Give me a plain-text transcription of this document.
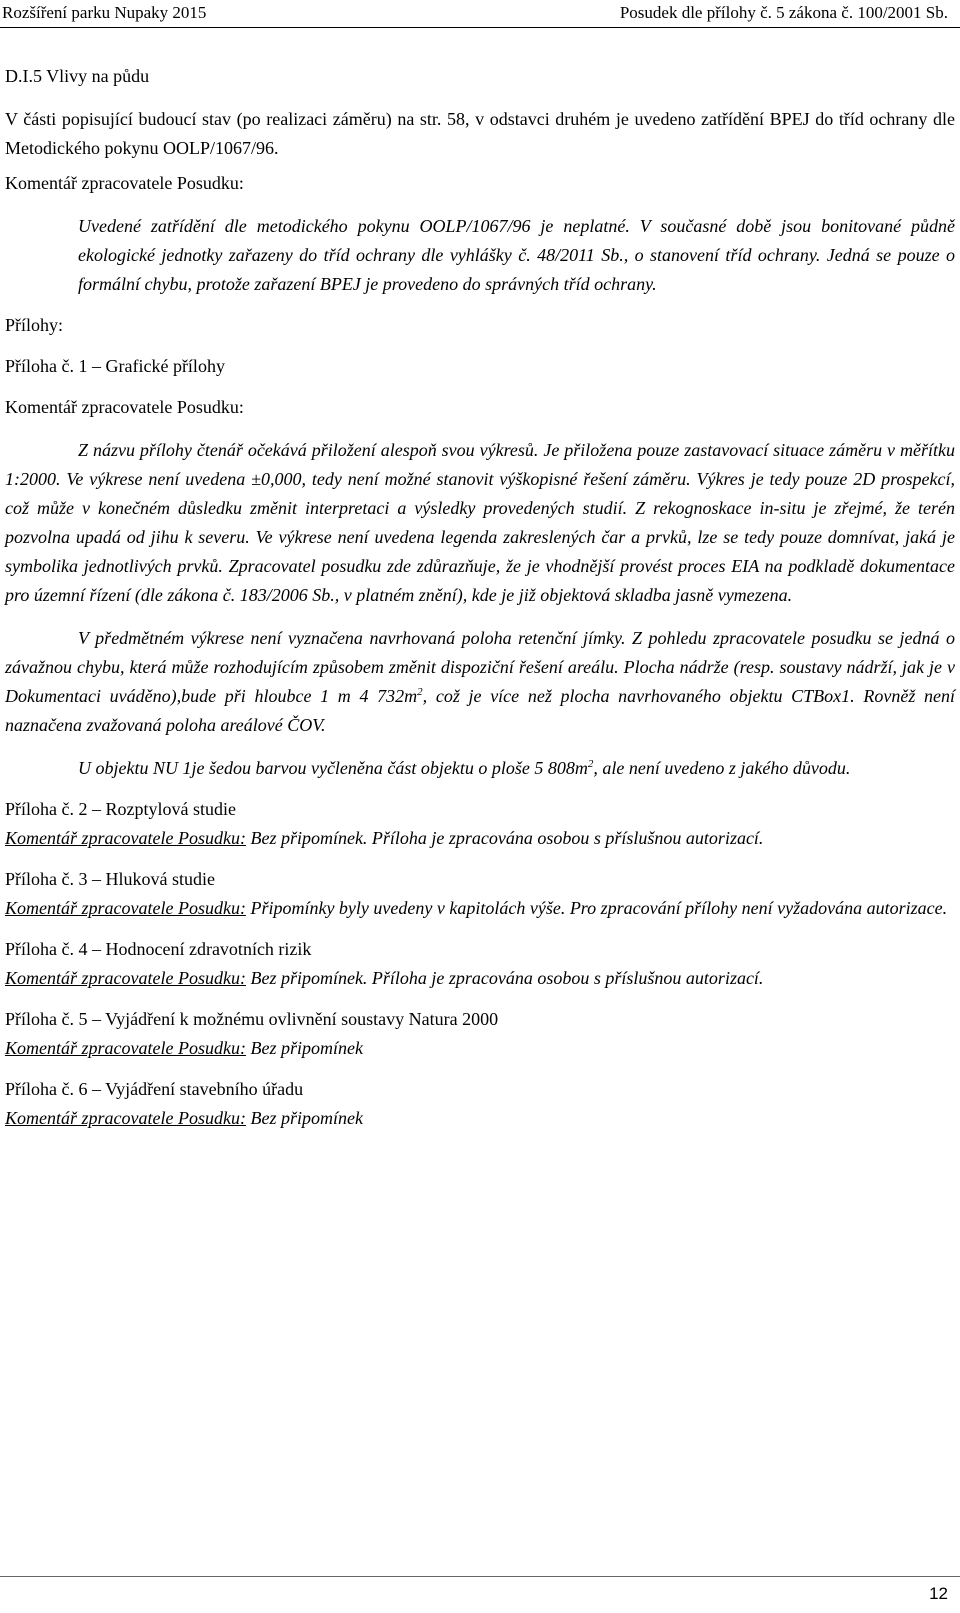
Rozšíření parku Nupaky 2015	Posudek dle přílohy č. 5 zákona č. 100/2001 Sb.

D.I.5 Vlivy na půdu

V části popisující budoucí stav (po realizaci záměru) na str. 58, v odstavci druhém je uvedeno zatřídění BPEJ do tříd ochrany dle Metodického pokynu OOLP/1067/96.

Komentář zpracovatele Posudku:

Uvedené zatřídění dle metodického pokynu OOLP/1067/96 je neplatné. V současné době jsou bonitované půdně ekologické jednotky zařazeny do tříd ochrany dle vyhlášky č. 48/2011 Sb., o stanovení tříd ochrany. Jedná se pouze o formální chybu, protože zařazení BPEJ je provedeno do správných tříd ochrany.

Přílohy:

Příloha č. 1 – Grafické přílohy

Komentář zpracovatele Posudku:

Z názvu přílohy čtenář očekává přiložení alespoň svou výkresů. Je přiložena pouze zastavovací situace záměru v měřítku 1:2000. Ve výkrese není uvedena ±0,000, tedy není možné stanovit výškopisné řešení záměru. Výkres je tedy pouze 2D prospekcí, což může v konečném důsledku změnit interpretaci a výsledky provedených studií. Z rekognoskace in-situ je zřejmé, že terén pozvolna upadá od jihu k severu. Ve výkrese není uvedena legenda zakreslených čar a prvků, lze se tedy pouze domnívat, jaká je symbolika jednotlivých prvků. Zpracovatel posudku zde zdůrazňuje, že je vhodnější provést proces EIA na podkladě dokumentace pro územní řízení (dle zákona č. 183/2006 Sb., v platném znění), kde je již objektová skladba jasně vymezena.

V předmětném výkrese není vyznačena navrhovaná poloha retenční jímky. Z pohledu zpracovatele posudku se jedná o závažnou chybu, která může rozhodujícím způsobem změnit dispoziční řešení areálu. Plocha nádrže (resp. soustavy nádrží, jak je v Dokumentaci uváděno),bude při hloubce 1 m 4 $732m^2$, což je více než plocha navrhovaného objektu CTBox1. Rovněž není naznačena zvažovaná poloha areálové ČOV.

U objektu NU 1je šedou barvou vyčleněna část objektu o ploše 5 $808m^2$, ale není uvedeno z jakého důvodu.

Příloha č. 2 – Rozptylová studie

Komentář zpracovatele Posudku: Bez připomínek. Příloha je zpracována osobou s příslušnou autorizací.

Příloha č. 3 – Hluková studie

Komentář zpracovatele Posudku: Připomínky byly uvedeny v kapitolách výše. Pro zpracování přílohy není vyžadována autorizace.

Příloha č. 4 – Hodnocení zdravotních rizik

Komentář zpracovatele Posudku: Bez připomínek. Příloha je zpracována osobou s příslušnou autorizací.

Příloha č. 5 – Vyjádření k možnému ovlivnění soustavy Natura 2000

Komentář zpracovatele Posudku: Bez připomínek

Příloha č. 6 – Vyjádření stavebního úřadu

Komentář zpracovatele Posudku: Bez připomínek

12
